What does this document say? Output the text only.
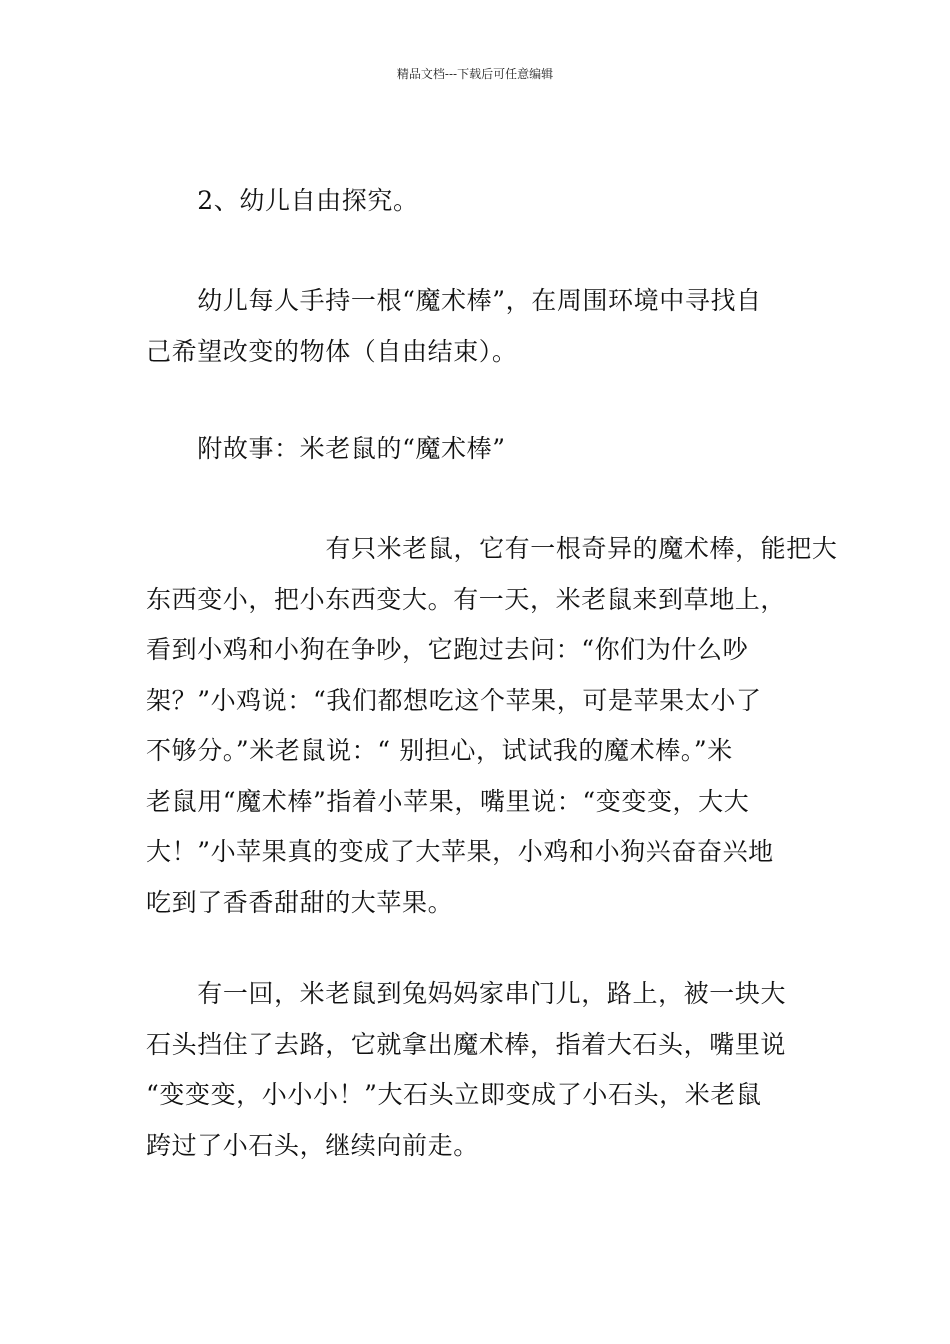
精品文档---下载后可任意编辑
2、幼儿自由探究。
幼儿每人手持一根“魔术棒”，在周围环境中寻找自
己希望改变的物体（自由结束）。
附故事：米老鼠的“魔术棒”
有只米老鼠，它有一根奇异的魔术棒，能把大
东西变小，把小东西变大。有一天，米老鼠来到草地上，
看到小鸡和小狗在争吵，它跑过去问：“你们为什么吵
架？”小鸡说：“我们都想吃这个苹果，可是苹果太小了
不够分。”米老鼠说：“ 别担心，试试我的魔术棒。”米
老鼠用“魔术棒”指着小苹果，嘴里说：“变变变，大大
大！”小苹果真的变成了大苹果，小鸡和小狗兴奋奋兴地
吃到了香香甜甜的大苹果。
有一回，米老鼠到兔妈妈家串门儿，路上，被一块大
石头挡住了去路，它就拿出魔术棒，指着大石头，嘴里说
“变变变，小小小！”大石头立即变成了小石头，米老鼠
跨过了小石头，继续向前走。
